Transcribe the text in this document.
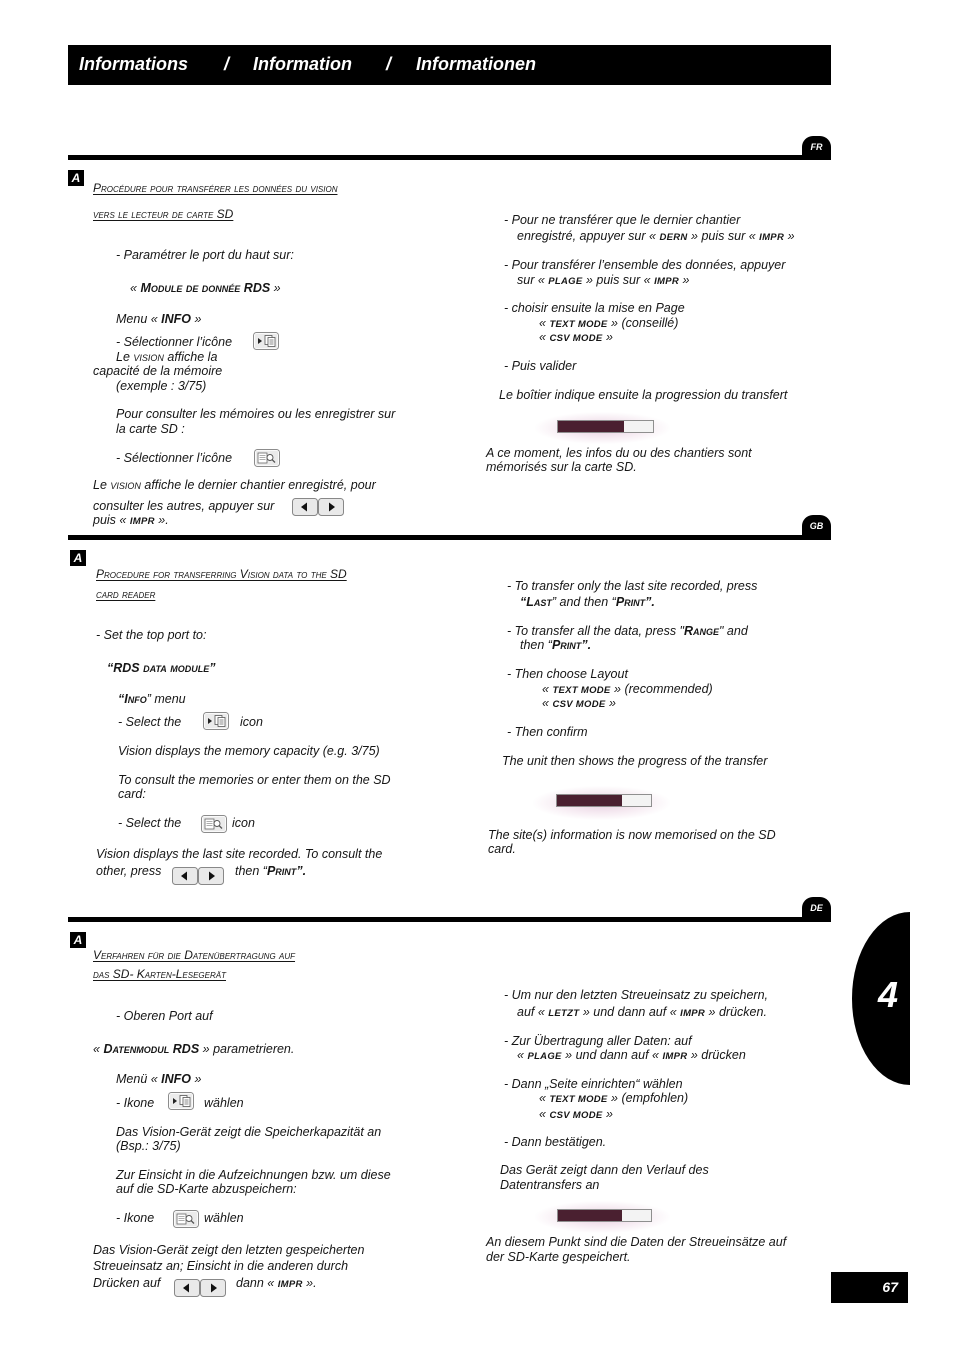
Informations / Information / Informationen
FR
A
Procédure pour transférer les données du vision
vers le lecteur de carte SD
- Paramétrer le port du haut sur:
« Module de donnée RDS »
Menu « INFO »
- Sélectionner l’icône
Le vision affiche la
capacité de la mémoire
(exemple : 3/75)
Pour consulter les mémoires ou les enregistrer sur
la carte SD :
- Sélectionner l’icône
Le vision affiche le dernier chantier enregistré, pour
consulter les autres, appuyer sur
puis « IMPR ».
- Pour ne transférer que le dernier chantier
enregistré, appuyer sur « DERN » puis sur « IMPR »
- Pour transférer l’ensemble des données, appuyer
sur « PLAGE » puis sur « IMPR »
- choisir ensuite la mise en Page
« TEXT MODE » (conseillé)
« CSV MODE »
- Puis valider
Le boîtier indique ensuite la progression du transfert
A ce moment, les infos du ou des chantiers sont
mémorisés sur la carte SD.
GB
A
Procedure for transferring Vision data to the SD
card reader
- Set the top port to:
“RDS data module”
“Info” menu
- Select the	icon
Vision displays the memory capacity (e.g. 3/75)
To consult the memories or enter them on the SD
card:
- Select the	icon
Vision displays the last site recorded. To consult the
other, press	then “Print”.
- To transfer only the last site recorded, press
“Last” and then “Print”.
- To transfer all the data, press "Range" and
then “Print”.
- Then choose Layout
« TEXT MODE » (recommended)
« CSV MODE »
- Then confirm
The unit then shows the progress of the transfer
The site(s) information is now memorised on the SD
card.
DE
A
Verfahren für die Datenübertragung auf
das SD- Karten-Lesegerät
- Oberen Port auf
« Datenmodul RDS » parametrieren.
Menü « INFO »
- Ikone	wählen
Das Vision-Gerät zeigt die Speicherkapazität an
(Bsp.: 3/75)
Zur Einsicht in die Aufzeichnungen bzw. um diese
auf die SD-Karte abzuspeichern:
- Ikone	wählen
Das Vision-Gerät zeigt den letzten gespeicherten
Streueinsatz an; Einsicht in die anderen durch
Drücken auf	dann « IMPR ».
- Um nur den letzten Streueinsatz zu speichern,
auf « LETZT » und dann auf « IMPR » drücken.
- Zur Übertragung aller Daten: auf
« PLAGE » und dann auf « IMPR » drücken
- Dann „Seite einrichten“ wählen
« TEXT MODE » (empfohlen)
« CSV MODE »
- Dann bestätigen.
Das Gerät zeigt dann den Verlauf des
Datentransfers an
An diesem Punkt sind die Daten der Streueinsätze auf
der SD-Karte gespeichert.
4
67
